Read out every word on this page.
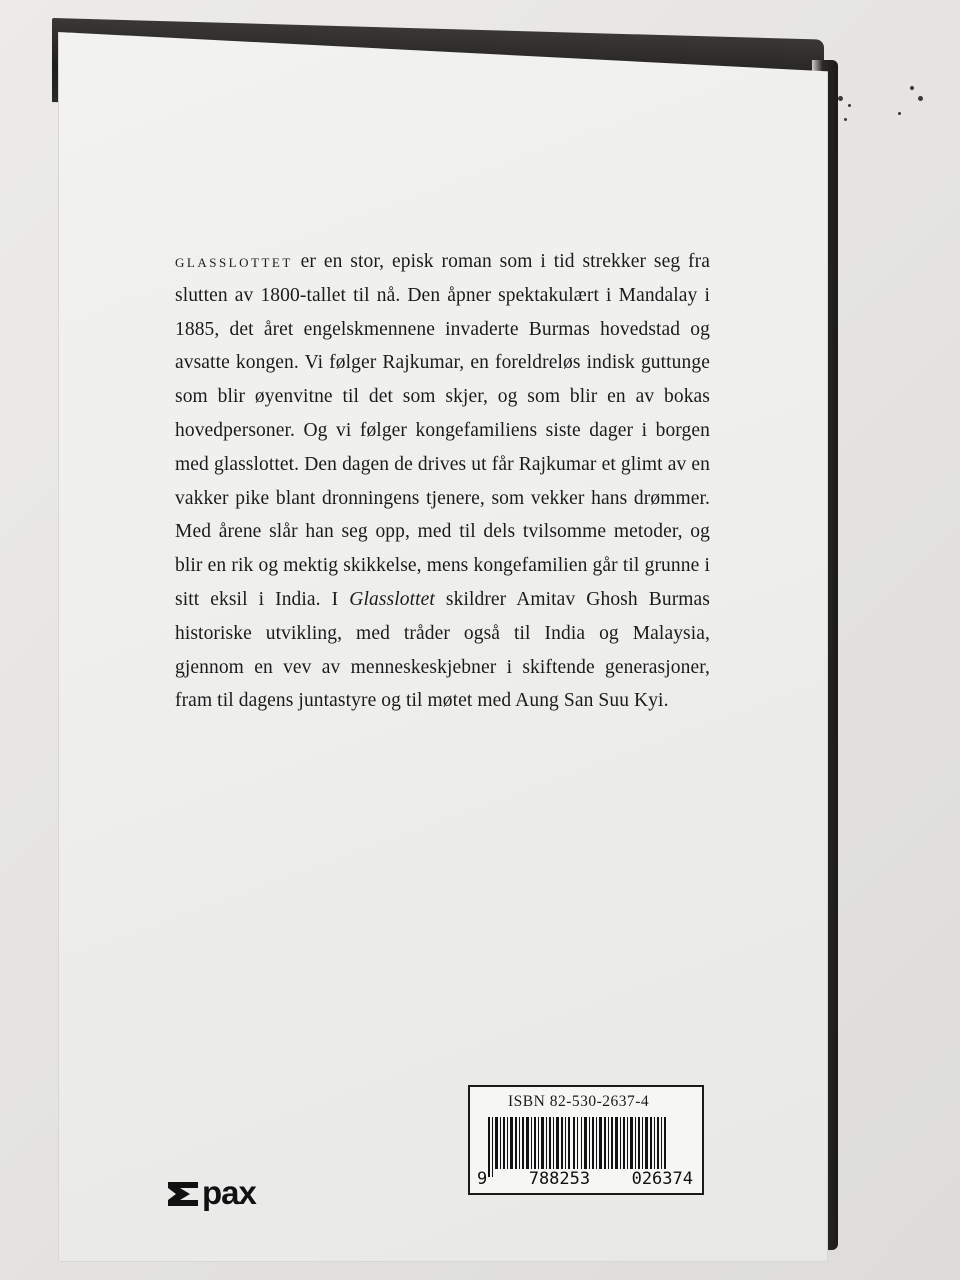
glasslottet er en stor, episk roman som i tid strekker seg fra slutten av 1800-tallet til nå. Den åpner spektakulært i Mandalay i 1885, det året engelskmennene invaderte Burmas hovedstad og avsatte kongen. Vi følger Rajkumar, en foreldreløs indisk guttunge som blir øyenvitne til det som skjer, og som blir en av bokas hovedpersoner. Og vi følger kongefamiliens siste dager i borgen med glasslottet. Den dagen de drives ut får Rajkumar et glimt av en vakker pike blant dronningens tjenere, som vekker hans drømmer. Med årene slår han seg opp, med til dels tvilsomme metoder, og blir en rik og mektig skikkelse, mens kongefamilien går til grunne i sitt eksil i India. I Glasslottet skildrer Amitav Ghosh Burmas historiske utvikling, med tråder også til India og Malaysia, gjennom en vev av menneskeskjebner i skiftende generasjoner, fram til dagens juntastyre og til møtet med Aung San Suu Kyi.

ISBN 82-530-2637-4
9 788253 026374
pax
